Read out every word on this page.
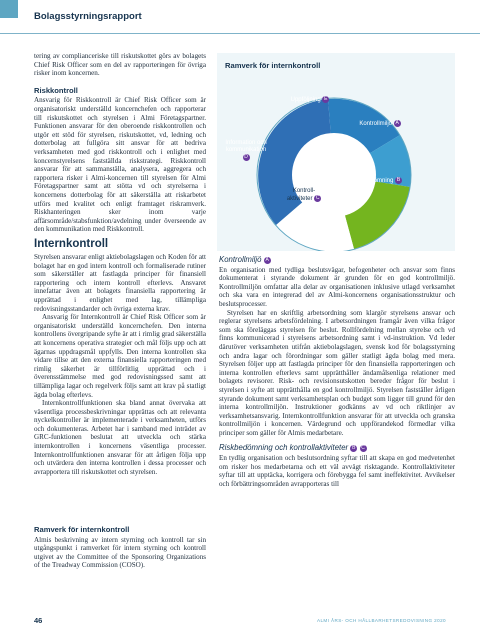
Bolagsstyrningsrapport

tering av complianceriske till riskutskottet görs av bolagets Chief Risk Officer som en del av rapporteringen för övriga risker inom koncernen.

Riskkontroll

Ansvarig för Riskkontroll är Chief Risk Officer som är organisatoriskt underställd koncernchefen och rapporterar till riskutskottet och styrelsen i Almi Företagspartner. Funktionen ansvarar för den oberoende riskkontrollen och utgör ett stöd för styrelsen, riskutskottet, vd, ledning och dotterbolag att fullgöra sitt ansvar för att bedriva verksamheten med god riskkontroll och i enlighet med koncernstyrelsens fastställda riskstrategi. Riskkontroll ansvarar för att sammanställa, analysera, aggregera och rapportera risker i Almi-koncernen till styrelsen för Almi Företagspartner samt att stötta vd och styrelserna i koncernens dotterbolag för att säkerställa att riskarbetet utförs med kvalitet och enligt framtaget riskramverk. Riskhanteringen sker inom varje affärsområde/stabsfunktion/avdelning under överseende av den kommunikation med Riskkontroll.

Internkontroll

Styrelsen ansvarar enligt aktiebolagslagen och Koden för att bolaget har en god intern kontroll och formaliserade rutiner som säkerställer att fastlagda principer för finansiell rapportering och intern kontroll efterlevs. Ansvaret innefattar även att bolagets finansiella rapportering är upprättad i enlighet med lag, tillämpliga redovisningsstandarder och övriga externa krav.

Ansvarig för Internkontroll är Chief Risk Officer som är organisatoriskt underställd koncernchefen. Den interna kontrollens övergripande syfte är att i rimlig grad säkerställa att koncernens operativa strategier och mål följs upp och att ägarnas uppdragsmål uppfylls. Den interna kontrollen ska vidare tillse att den externa finansiella rapporteringen med rimlig säkerhet är tillförlitlig upprättad och i överensstämmelse med god redovisningssed samt att tillämpliga lagar och regelverk följs samt att krav på statligt ägda bolag efterlevs.

Internkontrollfunktionen ska bland annat övervaka att väsentliga processbeskrivningar upprättas och att relevanta nyckelkontroller är implementerade i verksamheten, utförs och dokumenteras. Arbetet har i samband med inträdet av GRC-funktionen beslutat att utveckla och stärka internkontrollen i koncernens väsentliga processer. Internkontrollfunktionen ansvarar för att årligen följa upp och utvärdera den interna kontrollen i dessa processer och avrapportera till riskutskottet och styrelsen.

Ramverk för internkontroll

Almis beskrivning av intern styrning och kontroll tar sin utgångspunkt i ramverket för intern styrning och kontroll utgivet av the Committee of the Sponsoring Organizations of the Treadway Commission (COSO).

Ramverk för internkontroll
Uppföljning E
Kontrollmiljö A
Information och kommunikation D
Riskbedömning B
Kontroll-aktiviteter C
Kontrollmiljö A

En organisation med tydliga beslutsvägar, befogenheter och ansvar som finns dokumenterat i styrande dokument är grunden för en god kontrollmiljö. Kontrollmiljön omfattar alla delar av organisationen inklusive utlagd verksamhet och ska vara en integrerad del av Almi-koncernens organisationsstruktur och beslutsprocesser.

Styrelsen har en skriftlig arbetsordning som klargör styrelsens ansvar och reglerar styrelsens arbetsfördelning. I arbetsordningen framgår även vilka frågor som ska föreläggas styrelsen för beslut. Rollfördelning mellan styrelse och vd finns kommunicerad i styrelsens arbetsordning samt i vd-instruktion. Vd leder därutöver verksamheten utifrån aktiebolagslagen, svensk kod för bolagsstyrning och andra lagar och förordningar som gäller statligt ägda bolag med mera. Styrelsen följer upp att fastlagda principer för den finansiella rapporteringen och interna kontrollen efterlevs samt upprätthåller ändamålsenliga relationer med bolagets revisorer. Risk- och revisionsutskotten bereder frågor för beslut i styrelsen i syfte att upprätthålla en god kontrollmiljö. Styrelsen fastställer årligen styrande dokument samt verksamhetsplan och budget som ligger till grund för den interna kontrollmiljön. Instruktioner godkänns av vd och riktlinjer av verksamhetsansvarig. Internkontrollfunktion ansvarar för att utveckla och granska kontrollmiljön i koncernen. Värdegrund och uppförandekod förmedlar vilka principer som gäller för Almis medarbetare.

Riskbedömning och kontrollaktiviteter B C

En tydlig organisation och beslutsordning syftar till att skapa en god medvetenhet om risker hos medarbetarna och ett väl avvägt risktagande. Kontrollaktiviteter syftar till att upptäcka, korrigera och förebygga fel samt ineffektivitet. Avvikelser och förbättringsområden avrapporteras till

46	ALMI ÅRS- OCH HÅLLBARHETSREDOVISNING 2020
